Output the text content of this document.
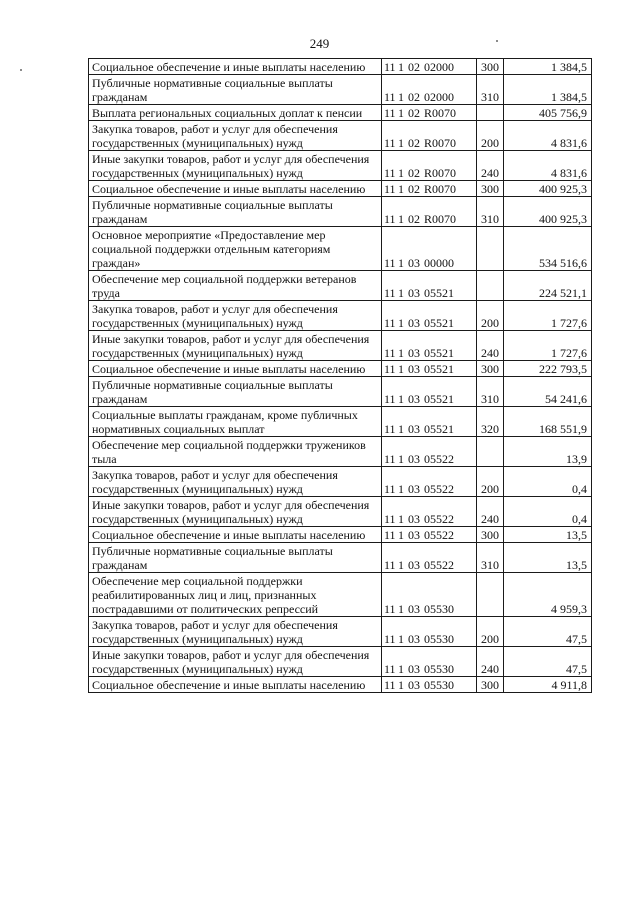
249
Социальное обеспечение и иные выплаты населению	11 1 02 02000	300	1 384,5

Публичные нормативные социальные выплаты гражданам	11 1 02 02000	310	1 384,5

Выплата региональных социальных доплат к пенсии	11 1 02 R0070		405 756,9

Закупка товаров, работ и услуг для обеспечения государственных (муниципальных) нужд	11 1 02 R0070	200	4 831,6

Иные закупки товаров, работ и услуг для обеспечения государственных (муниципальных) нужд	11 1 02 R0070	240	4 831,6

Социальное обеспечение и иные выплаты населению	11 1 02 R0070	300	400 925,3

Публичные нормативные социальные выплаты гражданам	11 1 02 R0070	310	400 925,3

Основное мероприятие «Предоставление мер социальной поддержки отдельным категориям граждан»	11 1 03 00000		534 516,6

Обеспечение мер социальной поддержки ветеранов труда	11 1 03 05521		224 521,1

Закупка товаров, работ и услуг для обеспечения государственных (муниципальных) нужд	11 1 03 05521	200	1 727,6

Иные закупки товаров, работ и услуг для обеспечения государственных (муниципальных) нужд	11 1 03 05521	240	1 727,6

Социальное обеспечение и иные выплаты населению	11 1 03 05521	300	222 793,5

Публичные нормативные социальные выплаты гражданам	11 1 03 05521	310	54 241,6

Социальные выплаты гражданам, кроме публичных нормативных социальных выплат	11 1 03 05521	320	168 551,9

Обеспечение мер социальной поддержки тружеников тыла	11 1 03 05522		13,9

Закупка товаров, работ и услуг для обеспечения государственных (муниципальных) нужд	11 1 03 05522	200	0,4

Иные закупки товаров, работ и услуг для обеспечения государственных (муниципальных) нужд	11 1 03 05522	240	0,4

Социальное обеспечение и иные выплаты населению	11 1 03 05522	300	13,5

Публичные нормативные социальные выплаты гражданам	11 1 03 05522	310	13,5

Обеспечение мер социальной поддержки реабилитированных лиц и лиц, признанных пострадавшими от политических репрессий	11 1 03 05530		4 959,3

Закупка товаров, работ и услуг для обеспечения государственных (муниципальных) нужд	11 1 03 05530	200	47,5

Иные закупки товаров, работ и услуг для обеспечения государственных (муниципальных) нужд	11 1 03 05530	240	47,5

Социальное обеспечение и иные выплаты населению	11 1 03 05530	300	4 911,8
